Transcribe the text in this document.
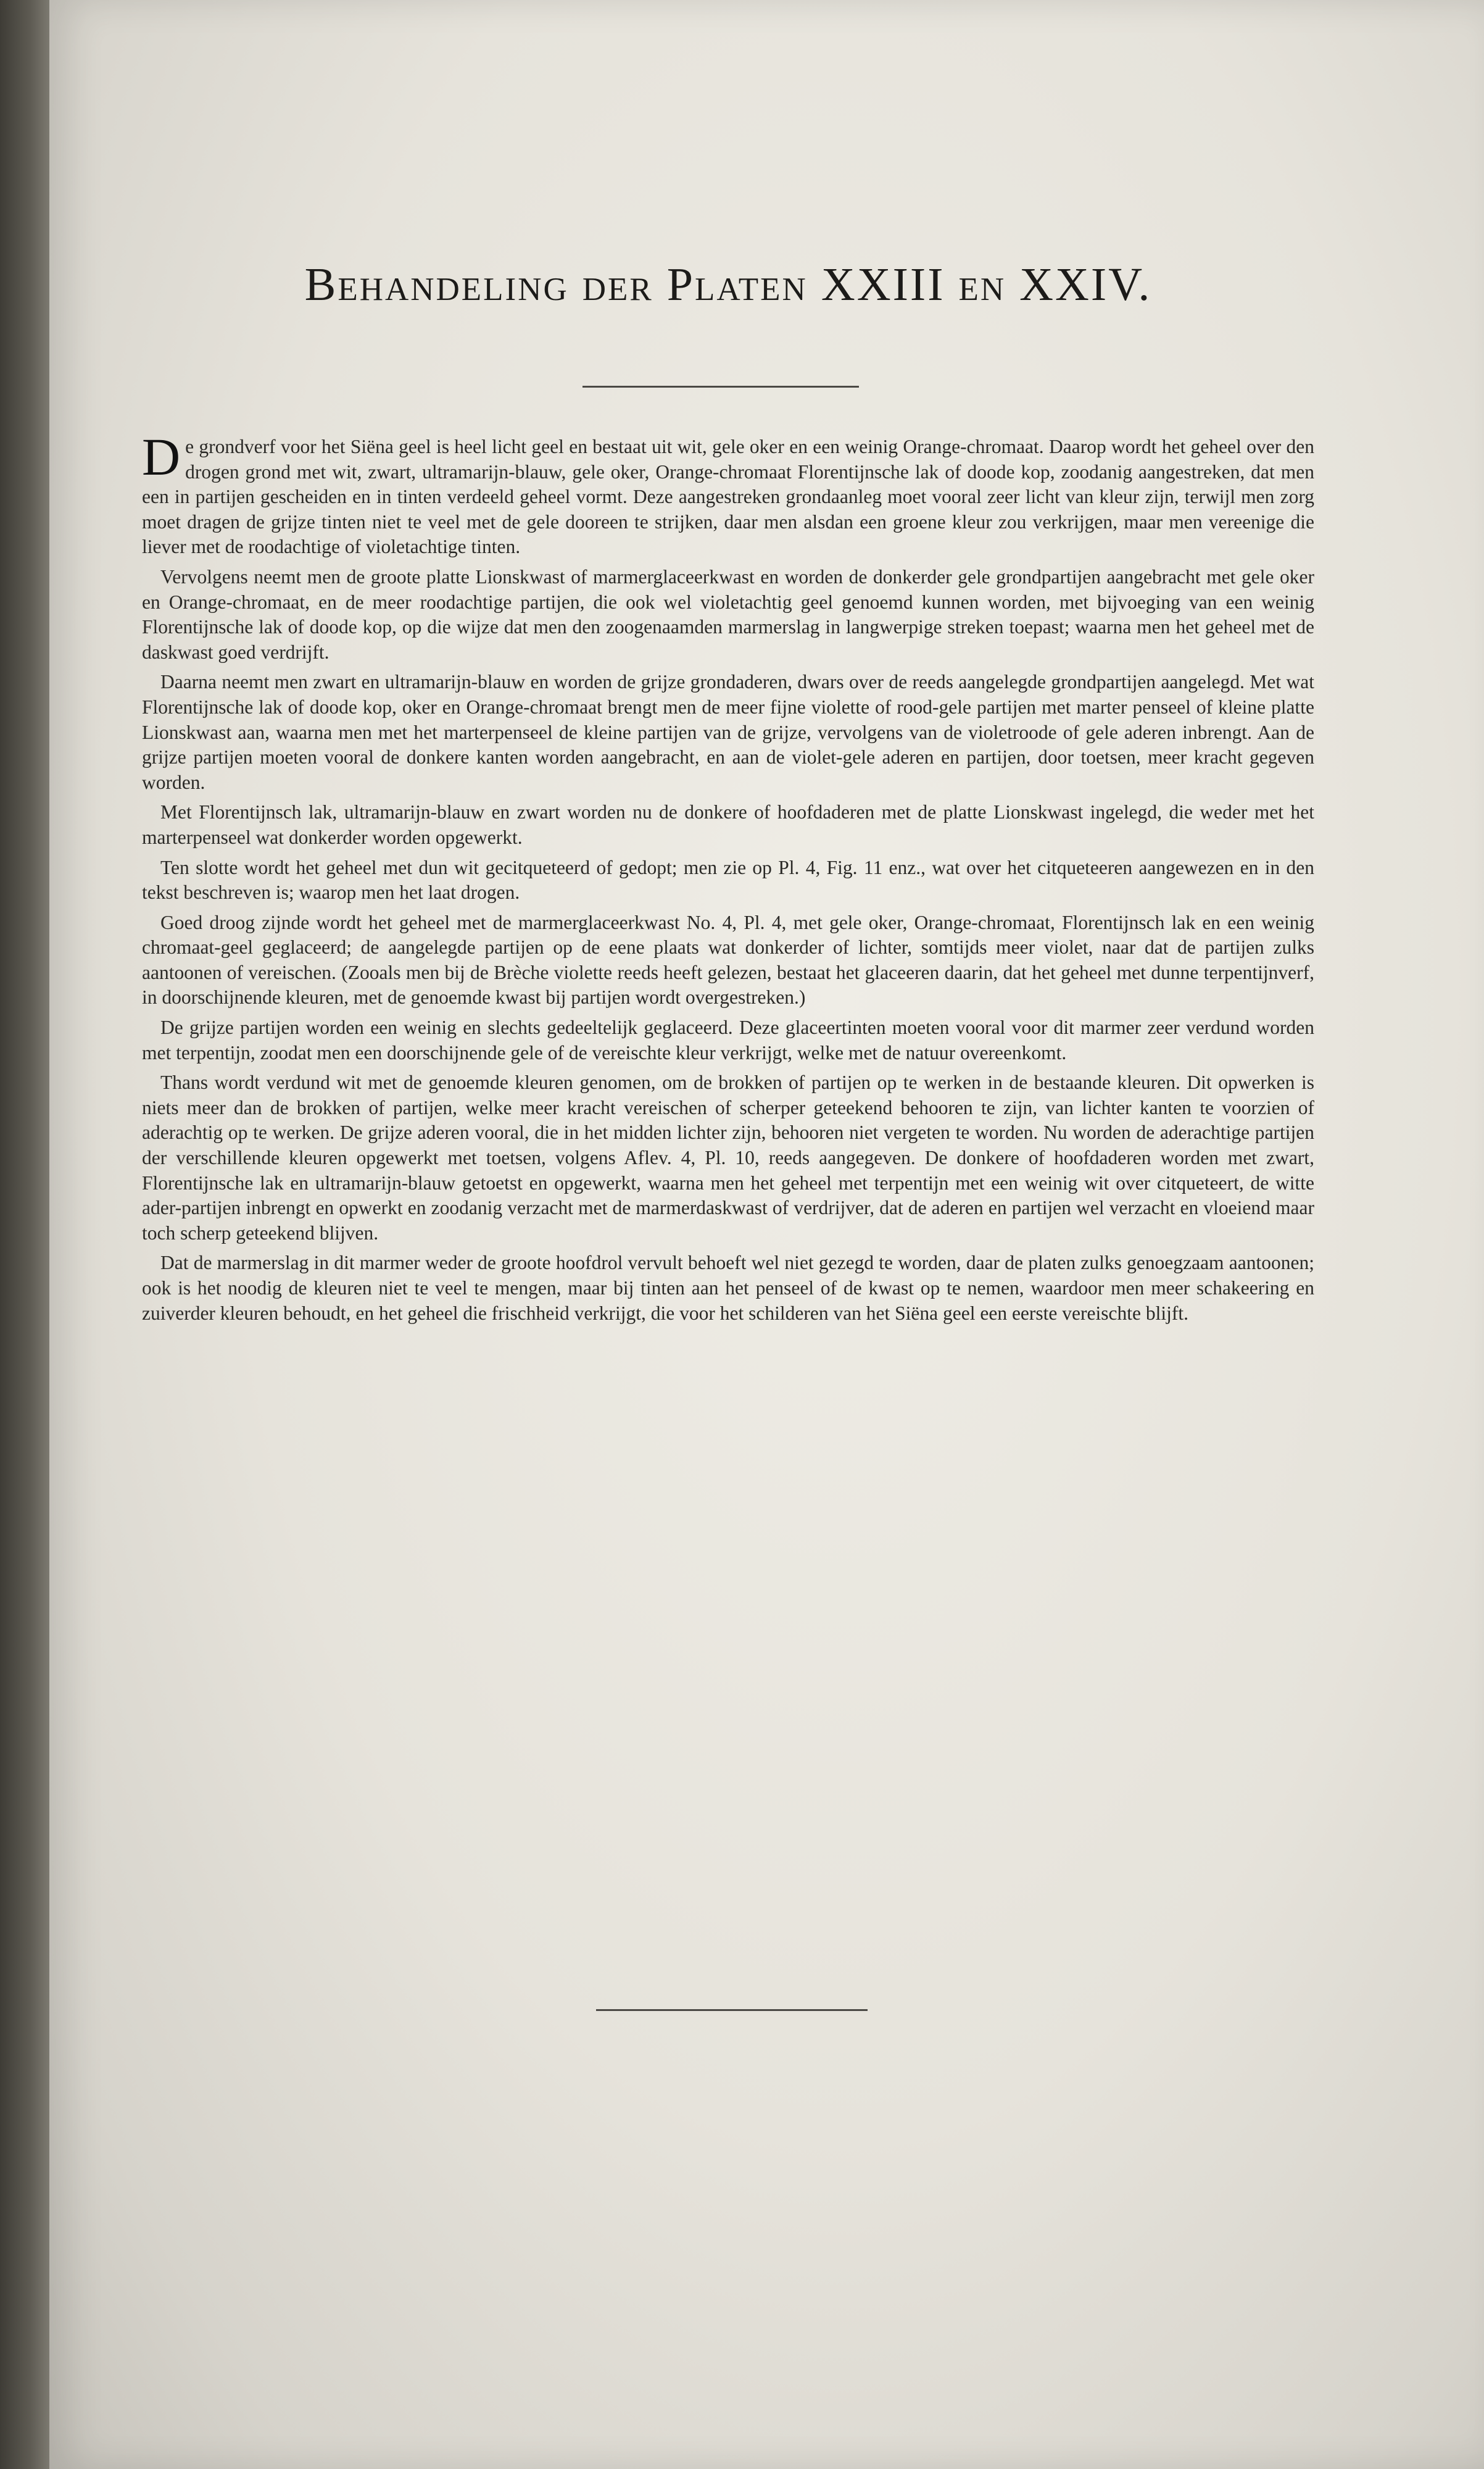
Behandeling der Platen XXIII en XXIV.

De grondverf voor het Siëna geel is heel licht geel en bestaat uit wit, gele oker en een weinig Orange-chromaat. Daarop wordt het geheel over den drogen grond met wit, zwart, ultramarijn-blauw, gele oker, Orange-chromaat Florentijnsche lak of doode kop, zoodanig aangestreken, dat men een in partijen gescheiden en in tinten verdeeld geheel vormt. Deze aangestreken grondaanleg moet vooral zeer licht van kleur zijn, terwijl men zorg moet dragen de grijze tinten niet te veel met de gele dooreen te strijken, daar men alsdan een groene kleur zou verkrijgen, maar men vereenige die liever met de roodachtige of violetachtige tinten.

Vervolgens neemt men de groote platte Lionskwast of marmerglaceerkwast en worden de donkerder gele grondpartijen aangebracht met gele oker en Orange-chromaat, en de meer roodachtige partijen, die ook wel violetachtig geel genoemd kunnen worden, met bijvoeging van een weinig Florentijnsche lak of doode kop, op die wijze dat men den zoogenaamden marmerslag in langwerpige streken toepast; waarna men het geheel met de daskwast goed verdrijft.

Daarna neemt men zwart en ultramarijn-blauw en worden de grijze grondaderen, dwars over de reeds aangelegde grondpartijen aangelegd. Met wat Florentijnsche lak of doode kop, oker en Orange-chromaat brengt men de meer fijne violette of rood-gele partijen met marter penseel of kleine platte Lionskwast aan, waarna men met het marterpenseel de kleine partijen van de grijze, vervolgens van de violetroode of gele aderen inbrengt. Aan de grijze partijen moeten vooral de donkere kanten worden aangebracht, en aan de violet-gele aderen en partijen, door toetsen, meer kracht gegeven worden.

Met Florentijnsch lak, ultramarijn-blauw en zwart worden nu de donkere of hoofdaderen met de platte Lionskwast ingelegd, die weder met het marterpenseel wat donkerder worden opgewerkt.

Ten slotte wordt het geheel met dun wit gecitqueteerd of gedopt; men zie op Pl. 4, Fig. 11 enz., wat over het citqueteeren aangewezen en in den tekst beschreven is; waarop men het laat drogen.

Goed droog zijnde wordt het geheel met de marmerglaceerkwast No. 4, Pl. 4, met gele oker, Orange-chromaat, Florentijnsch lak en een weinig chromaat-geel geglaceerd; de aangelegde partijen op de eene plaats wat donkerder of lichter, somtijds meer violet, naar dat de partijen zulks aantoonen of vereischen. (Zooals men bij de Brèche violette reeds heeft gelezen, bestaat het glaceeren daarin, dat het geheel met dunne terpentijnverf, in doorschijnende kleuren, met de genoemde kwast bij partijen wordt overgestreken.)

De grijze partijen worden een weinig en slechts gedeeltelijk geglaceerd. Deze glaceertinten moeten vooral voor dit marmer zeer verdund worden met terpentijn, zoodat men een doorschijnende gele of de vereischte kleur verkrijgt, welke met de natuur overeenkomt.

Thans wordt verdund wit met de genoemde kleuren genomen, om de brokken of partijen op te werken in de bestaande kleuren. Dit opwerken is niets meer dan de brokken of partijen, welke meer kracht vereischen of scherper geteekend behooren te zijn, van lichter kanten te voorzien of aderachtig op te werken. De grijze aderen vooral, die in het midden lichter zijn, behooren niet vergeten te worden. Nu worden de aderachtige partijen der verschillende kleuren opgewerkt met toetsen, volgens Aflev. 4, Pl. 10, reeds aangegeven. De donkere of hoofdaderen worden met zwart, Florentijnsche lak en ultramarijn-blauw getoetst en opgewerkt, waarna men het geheel met terpentijn met een weinig wit over citqueteert, de witte ader-partijen inbrengt en opwerkt en zoodanig verzacht met de marmerdaskwast of verdrijver, dat de aderen en partijen wel verzacht en vloeiend maar toch scherp geteekend blijven.

Dat de marmerslag in dit marmer weder de groote hoofdrol vervult behoeft wel niet gezegd te worden, daar de platen zulks genoegzaam aantoonen; ook is het noodig de kleuren niet te veel te mengen, maar bij tinten aan het penseel of de kwast op te nemen, waardoor men meer schakeering en zuiverder kleuren behoudt, en het geheel die frischheid verkrijgt, die voor het schilderen van het Siëna geel een eerste vereischte blijft.
